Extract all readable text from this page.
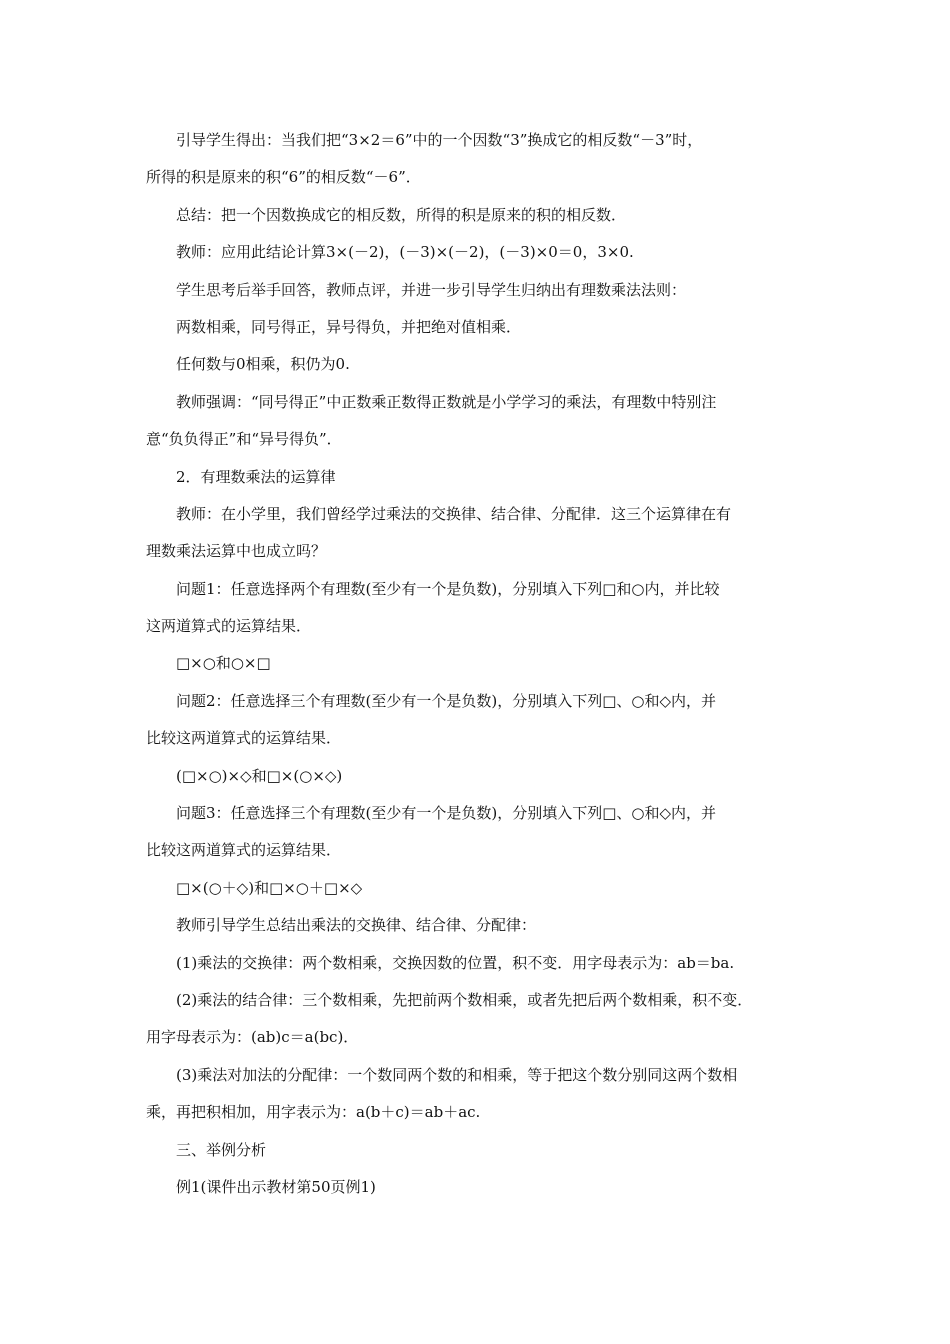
引导学生得出：当我们把“3×2＝6”中的一个因数“3”换成它的相反数“－3”时，
所得的积是原来的积“6”的相反数“－6”．
总结：把一个因数换成它的相反数，所得的积是原来的积的相反数．
教师：应用此结论计算3×(－2)，(－3)×(－2)，(－3)×0＝0，3×0.
学生思考后举手回答，教师点评，并进一步引导学生归纳出有理数乘法法则：
两数相乘，同号得正，异号得负，并把绝对值相乘．
任何数与0相乘，积仍为0.
教师强调：“同号得正”中正数乘正数得正数就是小学学习的乘法，有理数中特别注
意“负负得正”和“异号得负”．
2．有理数乘法的运算律
教师：在小学里，我们曾经学过乘法的交换律、结合律、分配律．这三个运算律在有
理数乘法运算中也成立吗？
问题1：任意选择两个有理数(至少有一个是负数)，分别填入下列□和○内，并比较
这两道算式的运算结果．
□×○和○×□
问题2：任意选择三个有理数(至少有一个是负数)，分别填入下列□、○和◇内，并
比较这两道算式的运算结果．
(□×○)×◇和□×(○×◇)
问题3：任意选择三个有理数(至少有一个是负数)，分别填入下列□、○和◇内，并
比较这两道算式的运算结果．
□×(○＋◇)和□×○＋□×◇
教师引导学生总结出乘法的交换律、结合律、分配律：
(1)乘法的交换律：两个数相乘，交换因数的位置，积不变．用字母表示为：ab＝ba.
(2)乘法的结合律：三个数相乘，先把前两个数相乘，或者先把后两个数相乘，积不变．
用字母表示为：(ab)c＝a(bc)．
(3)乘法对加法的分配律：一个数同两个数的和相乘，等于把这个数分别同这两个数相
乘，再把积相加，用字表示为：a(b＋c)＝ab＋ac.
三、举例分析
例1(课件出示教材第50页例1)
